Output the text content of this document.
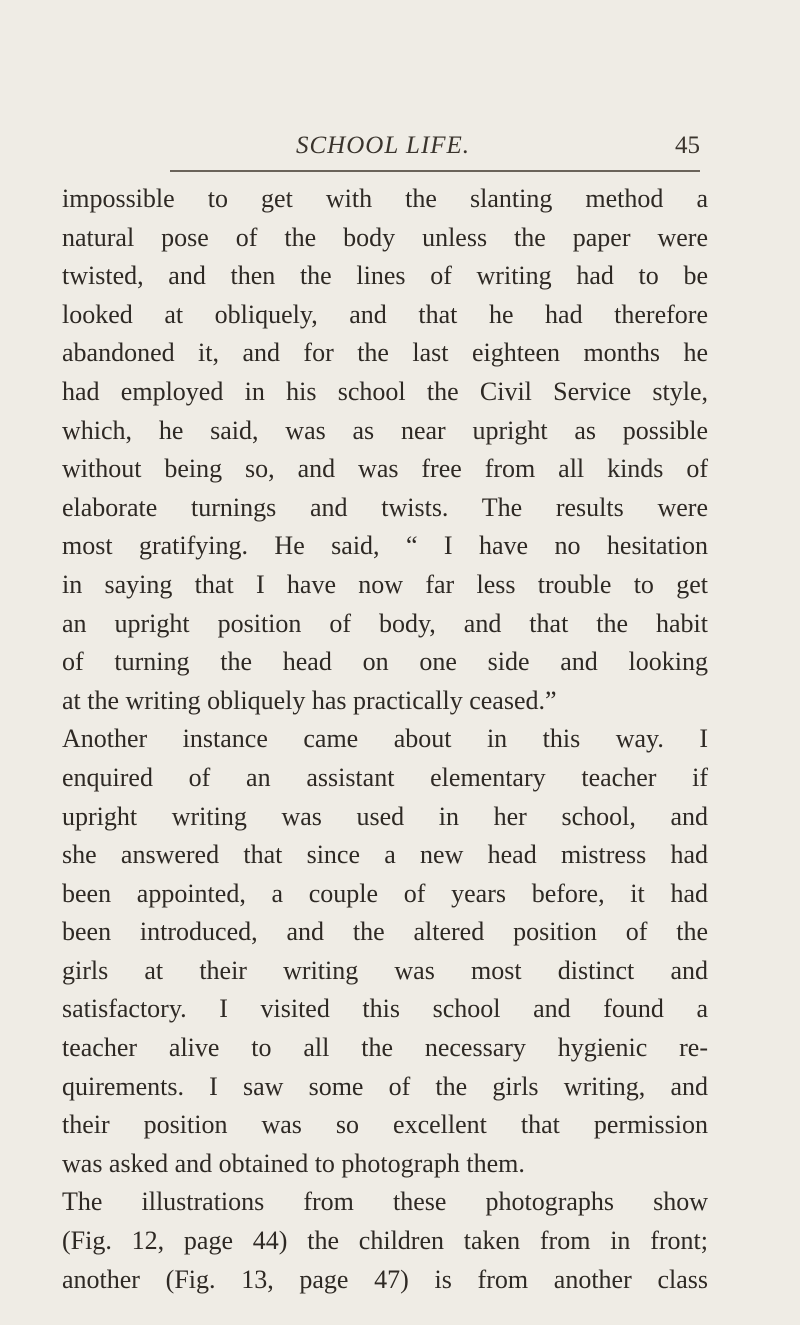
SCHOOL LIFE.	45
impossible to get with the slanting method a
natural pose of the body unless the paper were
twisted, and then the lines of writing had to be
looked at obliquely, and that he had therefore
abandoned it, and for the last eighteen months he
had employed in his school the Civil Service style,
which, he said, was as near upright as possible
without being so, and was free from all kinds of
elaborate turnings and twists. The results were
most gratifying. He said, “ I have no hesitation
in saying that I have now far less trouble to get
an upright position of body, and that the habit
of turning the head on one side and looking
at the writing obliquely has practically ceased.”
Another instance came about in this way. I
enquired of an assistant elementary teacher if
upright writing was used in her school, and
she answered that since a new head mistress had
been appointed, a couple of years before, it had
been introduced, and the altered position of the
girls at their writing was most distinct and
satisfactory. I visited this school and found a
teacher alive to all the necessary hygienic re-
quirements. I saw some of the girls writing, and
their position was so excellent that permission
was asked and obtained to photograph them.
The illustrations from these photographs show
(Fig. 12, page 44) the children taken from in front;
another (Fig. 13, page 47) is from another class
